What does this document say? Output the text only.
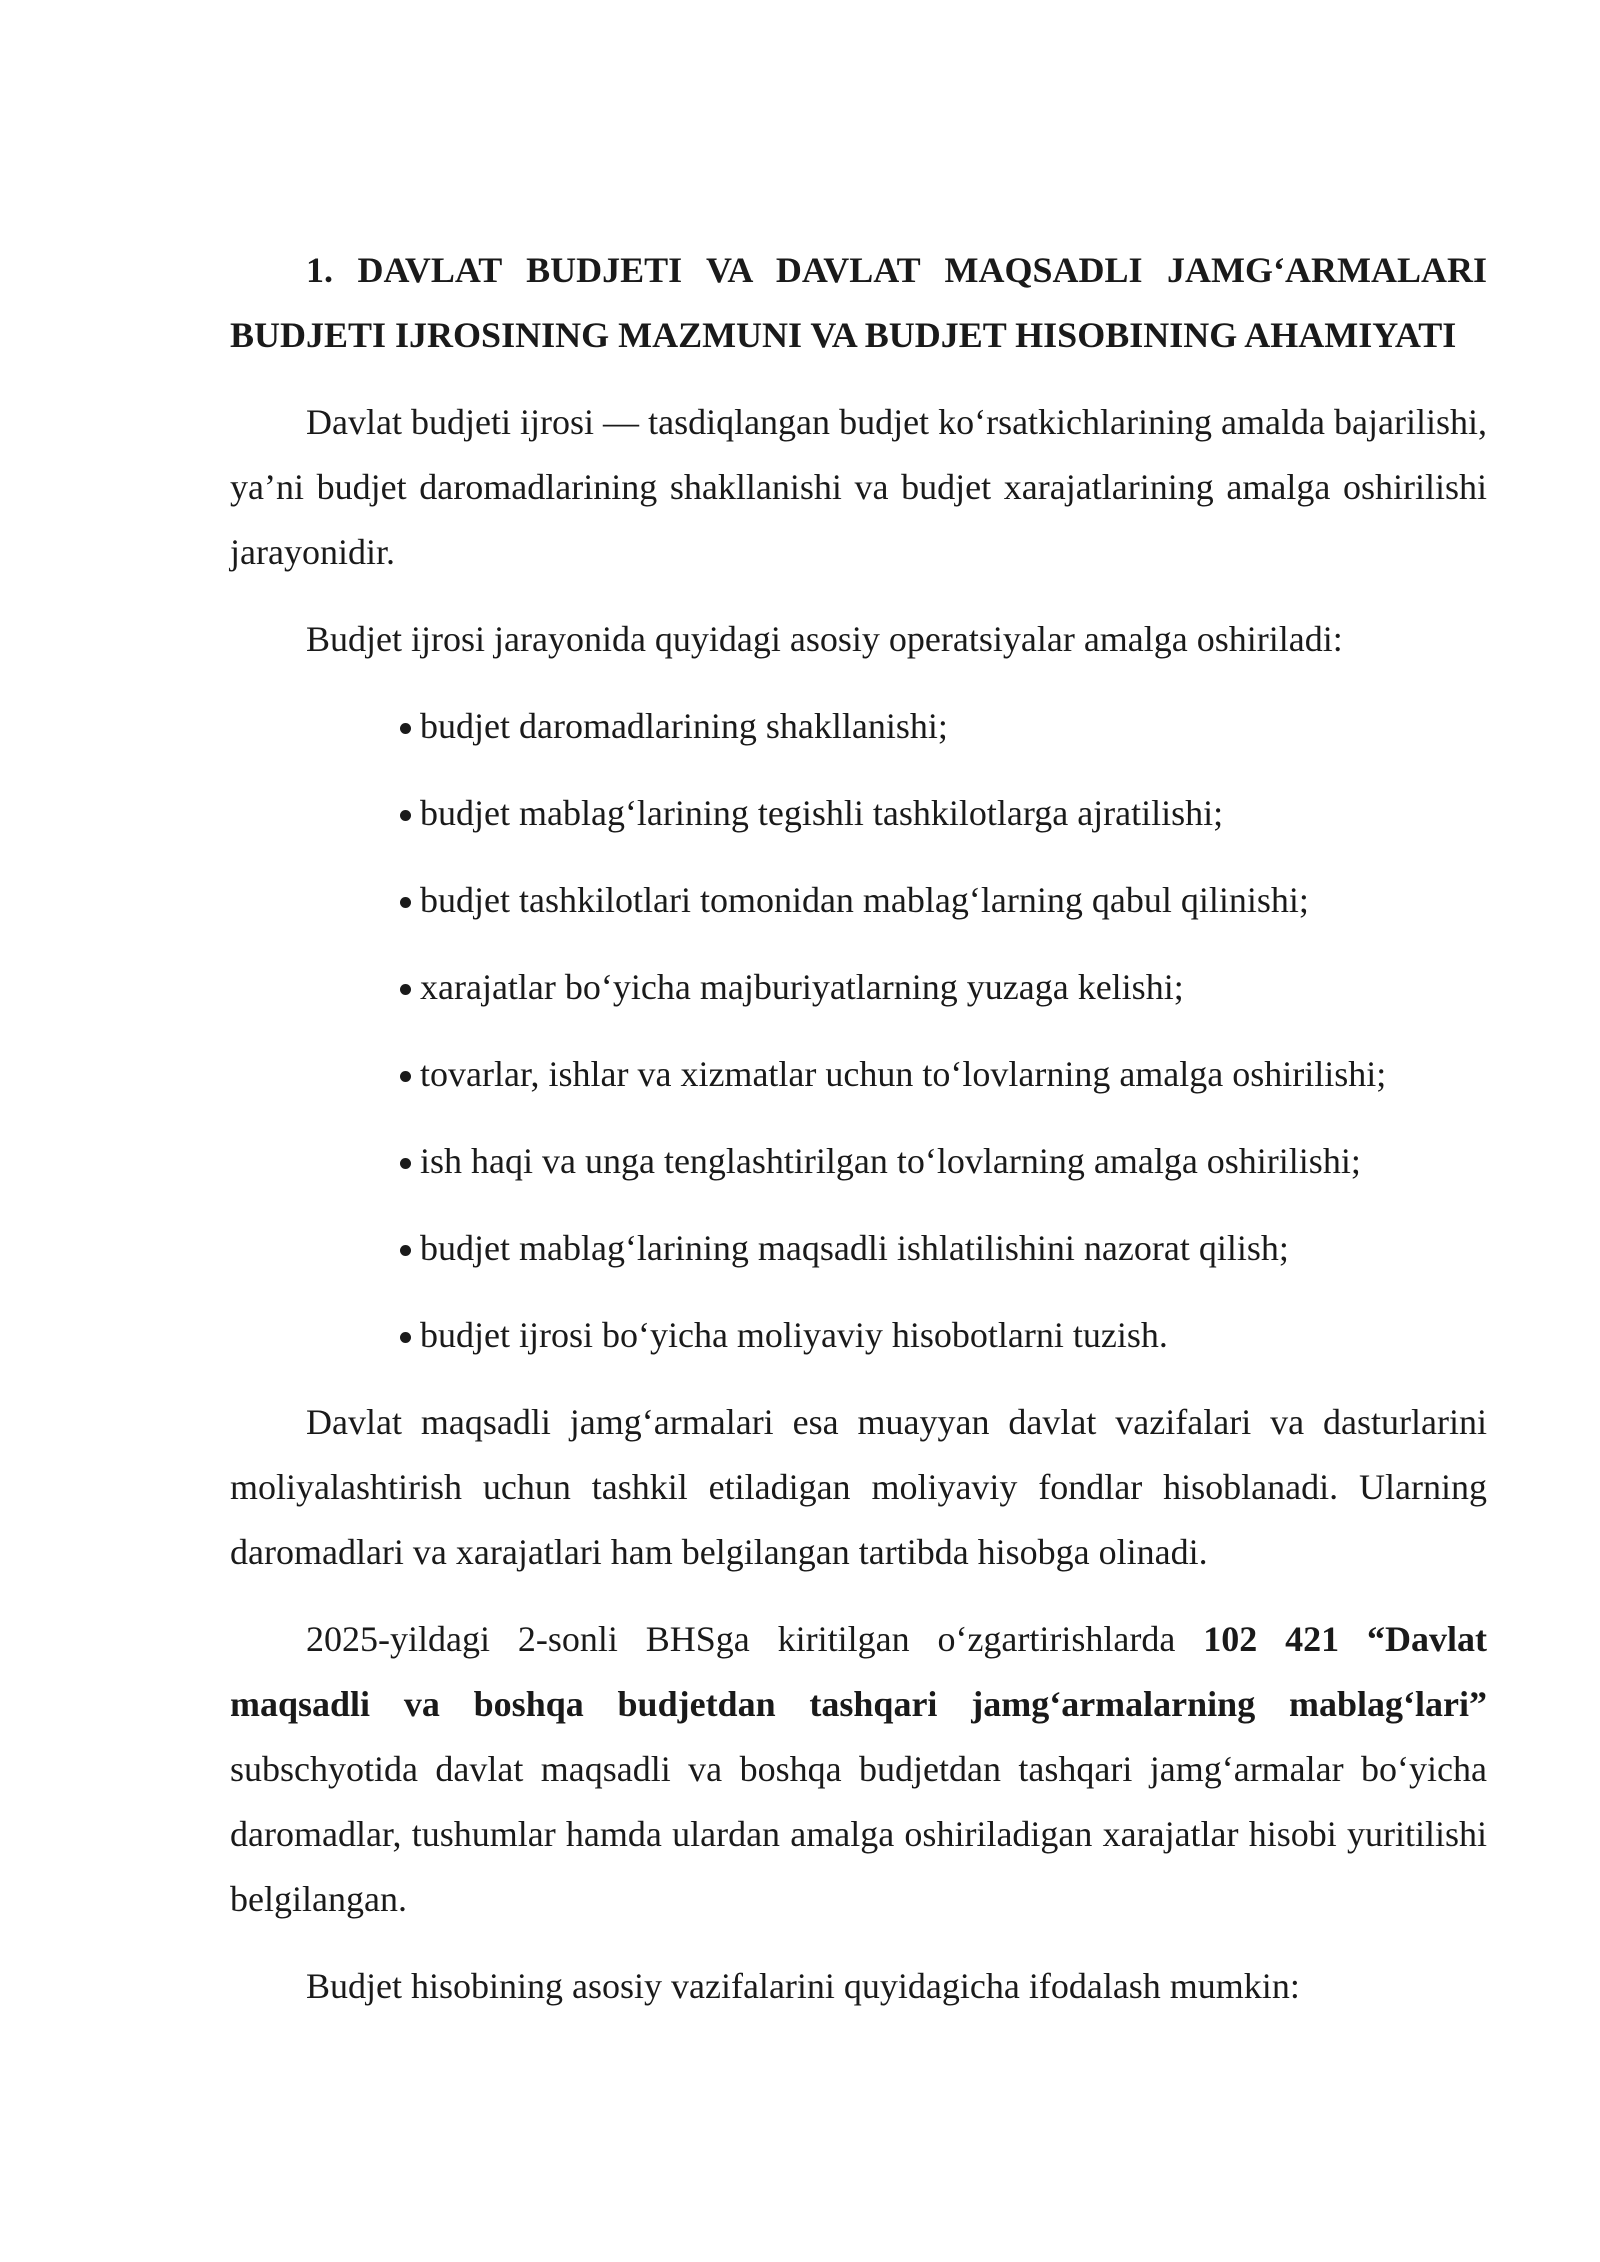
1. DAVLAT BUDJETI VA DAVLAT MAQSADLI JAMG‘ARMALARI BUDJETI IJROSINING MAZMUNI VA BUDJET HISOBINING AHAMIYATI

Davlat budjeti ijrosi — tasdiqlangan budjet ko‘rsatkichlarining amalda bajarilishi, ya’ni budjet daromadlarining shakllanishi va budjet xarajatlarining amalga oshirilishi jarayonidir.

Budjet ijrosi jarayonida quyidagi asosiy operatsiyalar amalga oshiriladi:

budjet daromadlarining shakllanishi;
budjet mablag‘larining tegishli tashkilotlarga ajratilishi;
budjet tashkilotlari tomonidan mablag‘larning qabul qilinishi;
xarajatlar bo‘yicha majburiyatlarning yuzaga kelishi;
tovarlar, ishlar va xizmatlar uchun to‘lovlarning amalga oshirilishi;
ish haqi va unga tenglashtirilgan to‘lovlarning amalga oshirilishi;
budjet mablag‘larining maqsadli ishlatilishini nazorat qilish;
budjet ijrosi bo‘yicha moliyaviy hisobotlarni tuzish.

Davlat maqsadli jamg‘armalari esa muayyan davlat vazifalari va dasturlarini moliyalashtirish uchun tashkil etiladigan moliyaviy fondlar hisoblanadi. Ularning daromadlari va xarajatlari ham belgilangan tartibda hisobga olinadi.

2025-yildagi 2-sonli BHSga kiritilgan o‘zgartirishlarda 102 421 “Davlat maqsadli va boshqa budjetdan tashqari jamg‘armalarning mablag‘lari” subschyotida davlat maqsadli va boshqa budjetdan tashqari jamg‘armalar bo‘yicha daromadlar, tushumlar hamda ulardan amalga oshiriladigan xarajatlar hisobi yuritilishi belgilangan.

Budjet hisobining asosiy vazifalarini quyidagicha ifodalash mumkin:
